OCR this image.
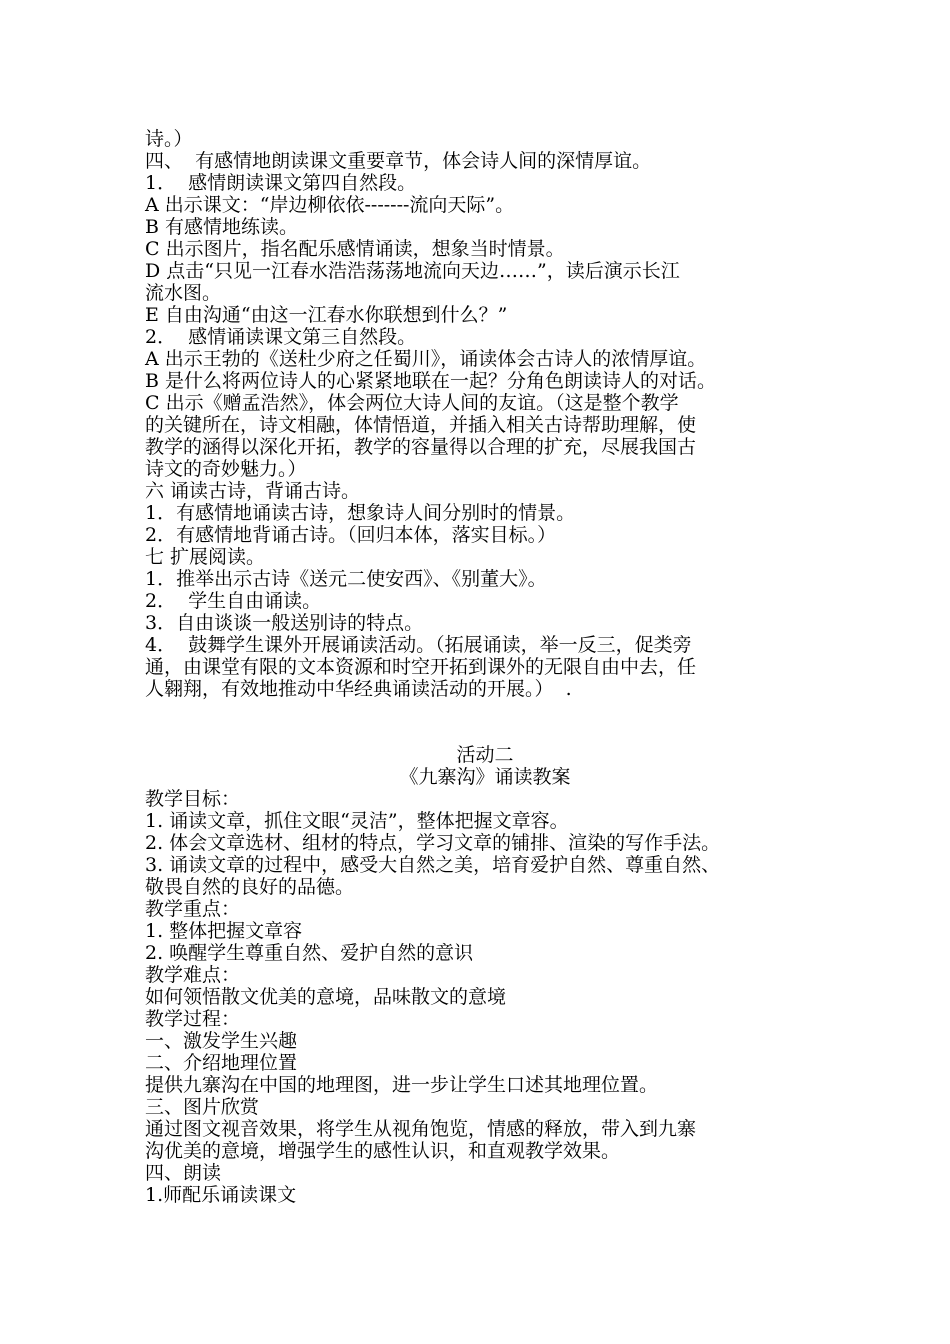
诗。）
四、  有感情地朗读课文重要章节，体会诗人间的深情厚谊。
1．  感情朗读课文第四自然段。
A 出示课文：“岸边柳依依-------流向天际”。
B 有感情地练读。
C 出示图片，指名配乐感情诵读，想象当时情景。
D 点击“只见一江春水浩浩荡荡地流向天边……”，读后演示长江
流水图。
E 自由沟通“由这一江春水你联想到什么？”
2．  感情诵读课文第三自然段。
A 出示王勃的《送杜少府之任蜀川》，诵读体会古诗人的浓情厚谊。
B 是什么将两位诗人的心紧紧地联在一起？分角色朗读诗人的对话。
C 出示《赠孟浩然》，体会两位大诗人间的友谊。（这是整个教学
的关键所在，诗文相融，体情悟道，并插入相关古诗帮助理解，使
教学的涵得以深化开拓，教学的容量得以合理的扩充，尽展我国古
诗文的奇妙魅力。）
六 诵读古诗，背诵古诗。
1．有感情地诵读古诗，想象诗人间分别时的情景。
2．有感情地背诵古诗。（回归本体，落实目标。）
七 扩展阅读。
1．推举出示古诗《送元二使安西》、《别董大》。
2．  学生自由诵读。
3．自由谈谈一般送别诗的特点。
4．  鼓舞学生课外开展诵读活动。（拓展诵读，举一反三，促类旁
通，由课堂有限的文本资源和时空开拓到课外的无限自由中去，任
人翱翔，有效地推动中华经典诵读活动的开展。）  .
活动二
《九寨沟》诵读教案
教学目标：
1. 诵读文章，抓住文眼“灵洁”，整体把握文章容。
2. 体会文章选材、组材的特点，学习文章的铺排、渲染的写作手法。
3. 诵读文章的过程中，感受大自然之美，培育爱护自然、尊重自然、
敬畏自然的良好的品德。
教学重点：
1. 整体把握文章容
2. 唤醒学生尊重自然、爱护自然的意识
教学难点：
如何领悟散文优美的意境，品味散文的意境
教学过程：
一、激发学生兴趣
二、介绍地理位置
提供九寨沟在中国的地理图，进一步让学生口述其地理位置。
三、图片欣赏
通过图文视音效果，将学生从视角饱览，情感的释放，带入到九寨
沟优美的意境，增强学生的感性认识，和直观教学效果。
四、朗读
1.师配乐诵读课文
